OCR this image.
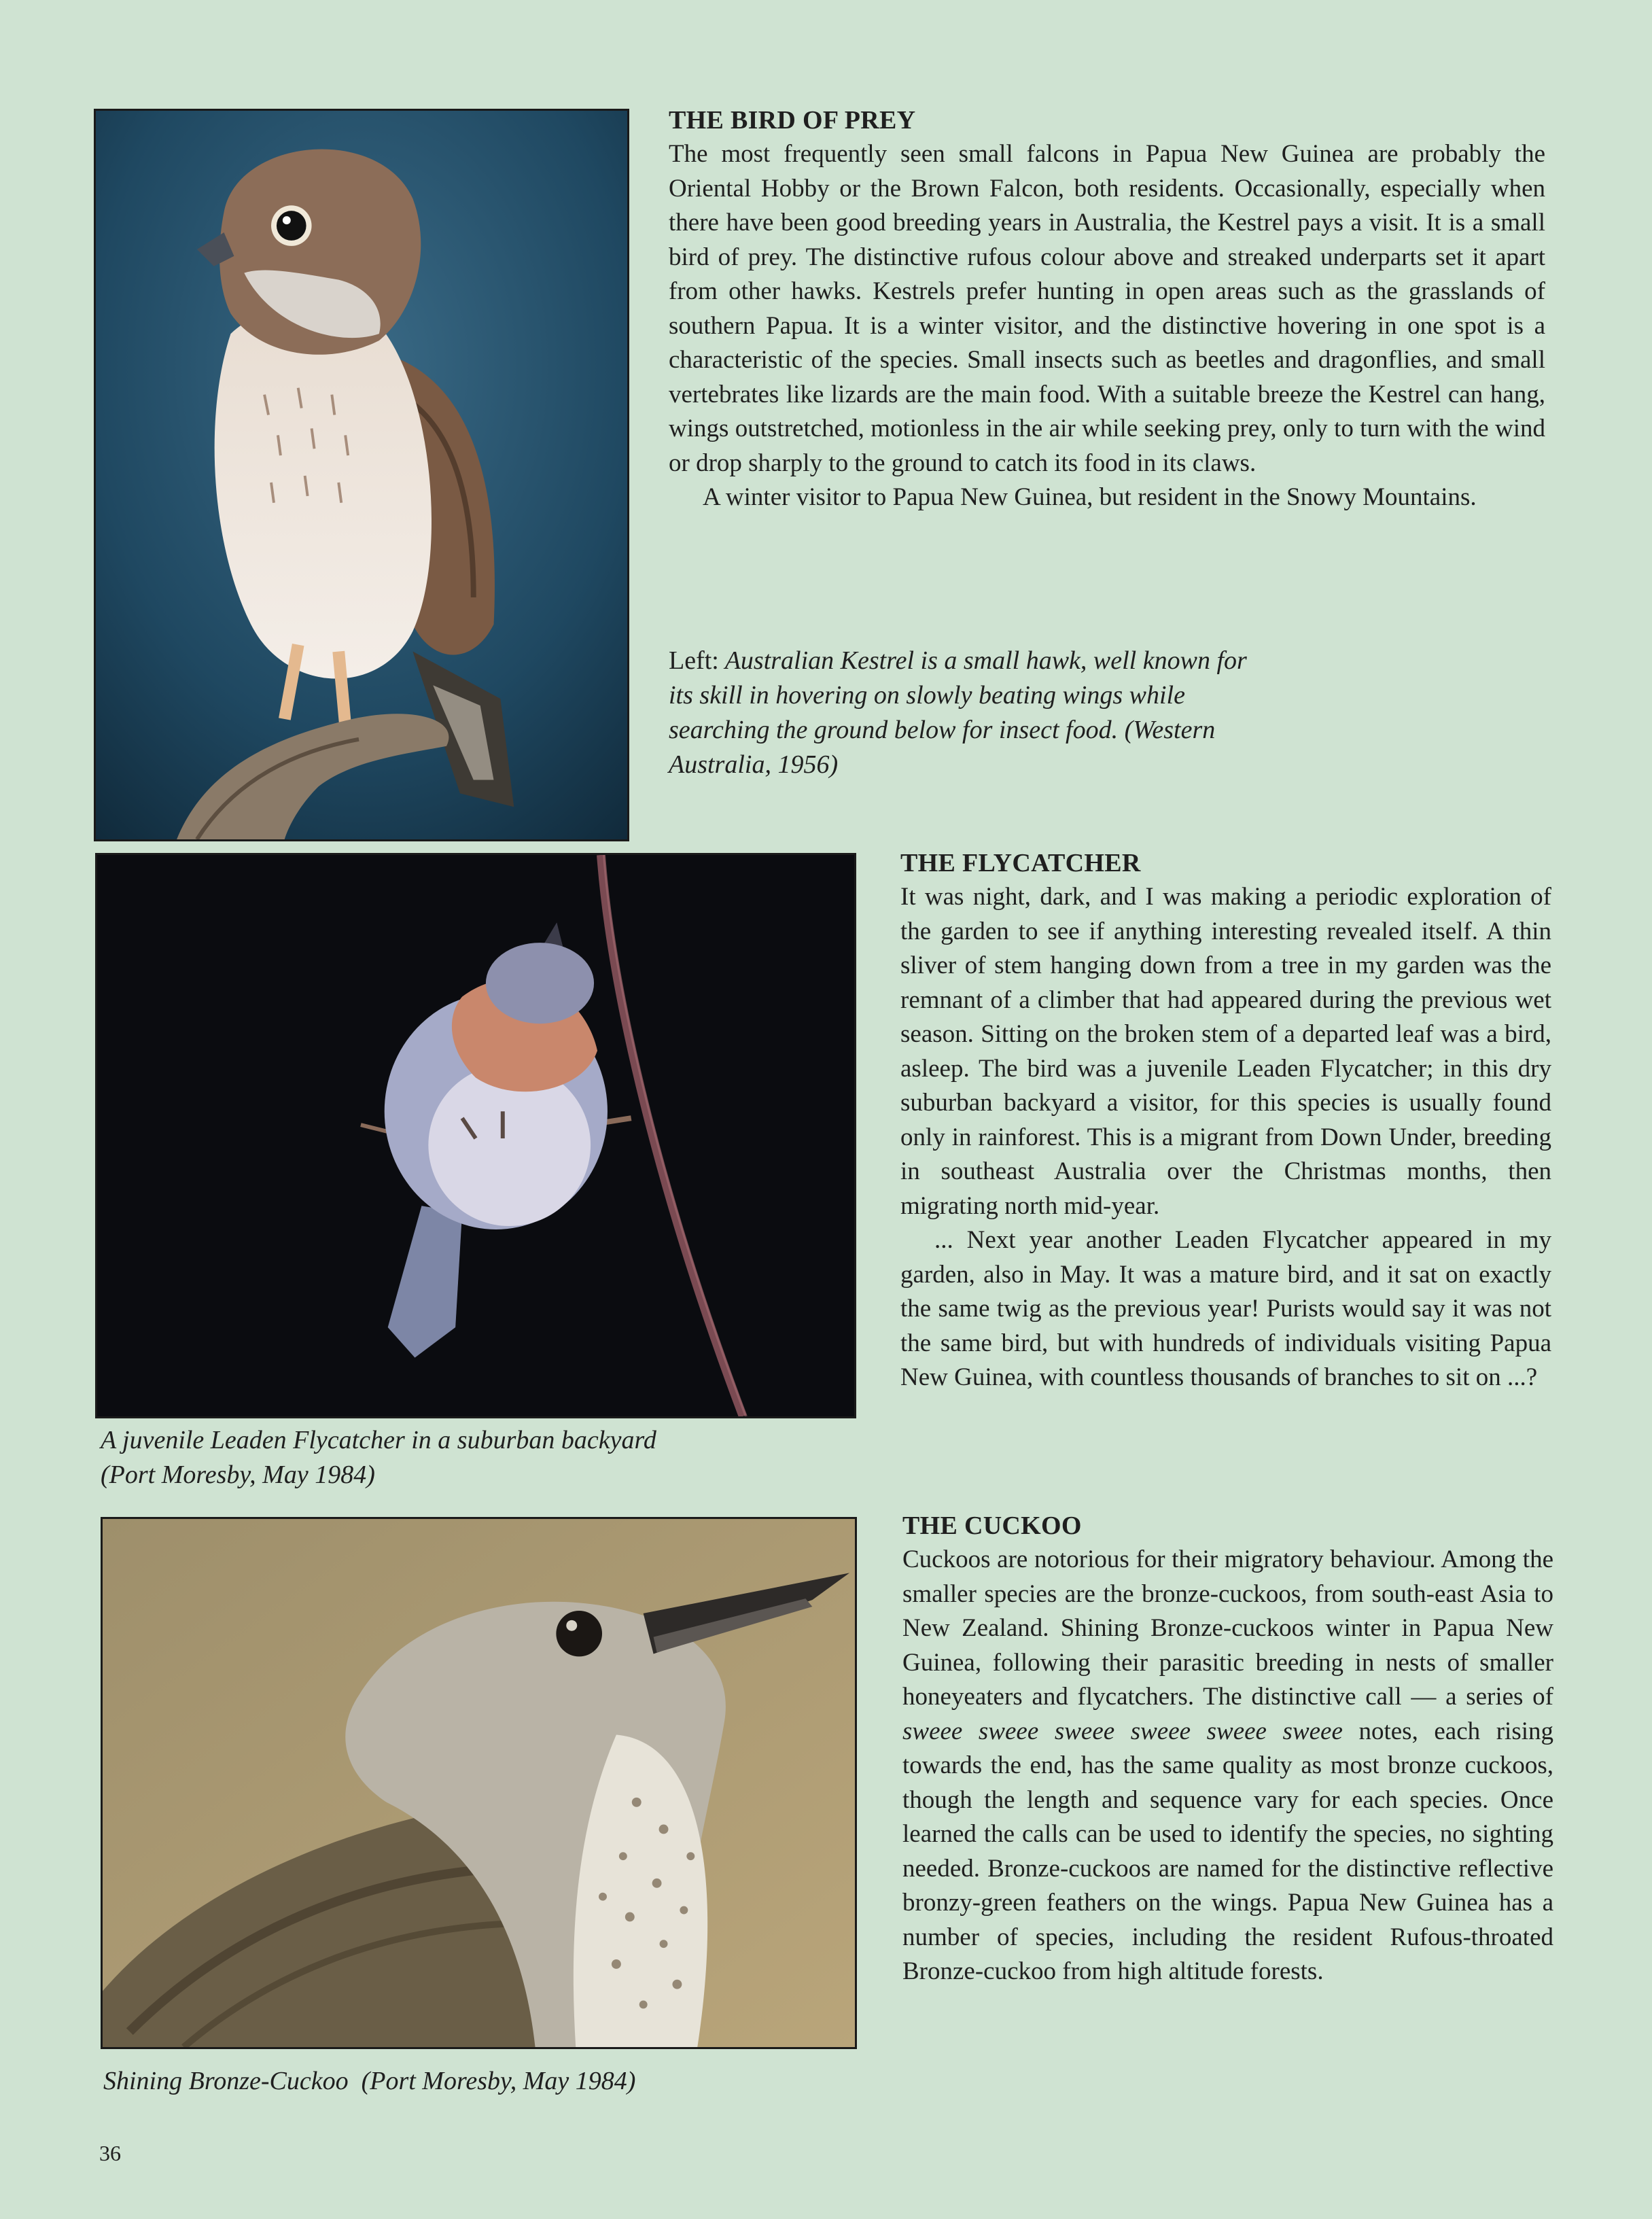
THE BIRD OF PREY

The most frequently seen small falcons in Papua New Guinea are probably the Oriental Hobby or the Brown Falcon, both residents. Occasionally, especially when there have been good breeding years in Australia, the Kestrel pays a visit. It is a small bird of prey. The distinctive rufous colour above and streaked underparts set it apart from other hawks. Kestrels prefer hunting in open areas such as the grasslands of southern Papua. It is a winter visitor, and the distinctive hovering in one spot is a characteristic of the species. Small insects such as beetles and dragonflies, and small vertebrates like lizards are the main food. With a suitable breeze the Kestrel can hang, wings outstretched, motionless in the air while seeking prey, only to turn with the wind or drop sharply to the ground to catch its food in its claws.

A winter visitor to Papua New Guinea, but resident in the Snowy Mountains.

Left: Australian Kestrel is a small hawk, well known for its skill in hovering on slowly beating wings while searching the ground below for insect food. (Western Australia, 1956)

THE FLYCATCHER

It was night, dark, and I was making a periodic exploration of the garden to see if anything interesting revealed itself. A thin sliver of stem hanging down from a tree in my garden was the remnant of a climber that had appeared during the previous wet season. Sitting on the broken stem of a departed leaf was a bird, asleep. The bird was a juvenile Leaden Flycatcher; in this dry suburban backyard a visitor, for this species is usually found only in rainforest. This is a migrant from Down Under, breeding in southeast Australia over the Christmas months, then migrating north mid-year.

... Next year another Leaden Flycatcher appeared in my garden, also in May. It was a mature bird, and it sat on exactly the same twig as the previous year! Purists would say it was not the same bird, but with hundreds of individuals visiting Papua New Guinea, with countless thousands of branches to sit on ...?

A juvenile Leaden Flycatcher in a suburban backyard
(Port Moresby, May 1984)

THE CUCKOO

Cuckoos are notorious for their migratory behaviour. Among the smaller species are the bronze-cuckoos, from south-east Asia to New Zealand. Shining Bronze-cuckoos winter in Papua New Guinea, following their parasitic breeding in nests of smaller honeyeaters and flycatchers. The distinctive call — a series of sweee sweee sweee sweee sweee sweee notes, each rising towards the end, has the same quality as most bronze cuckoos, though the length and sequence vary for each species. Once learned the calls can be used to identify the species, no sighting needed. Bronze-cuckoos are named for the distinctive reflective bronzy-green feathers on the wings. Papua New Guinea has a number of species, including the resident Rufous-throated Bronze-cuckoo from high altitude forests.

Shining Bronze-Cuckoo  (Port Moresby, May 1984)

36
